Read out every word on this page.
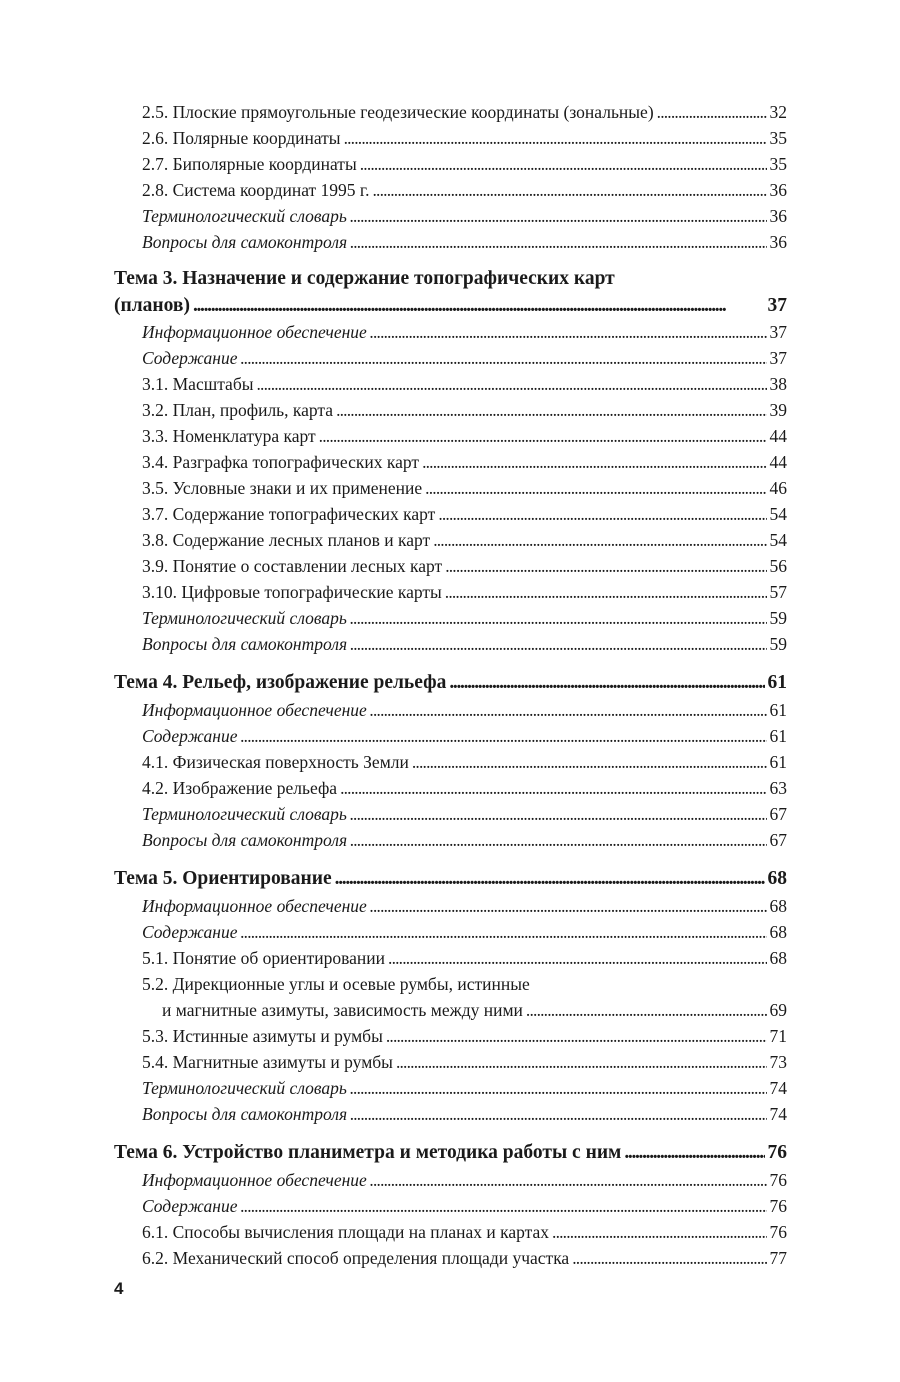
2.5. Плоские прямоугольные геодезические координаты (зональные) . . .	32
2.6. Полярные координаты . . .	35
2.7. Биполярные координаты . . .	35
2.8. Система координат 1995 г. . . .	36
Терминологический словарь . . .	36
Вопросы для самоконтроля . . .	36
Тема 3. Назначение и содержание топографических карт
(планов) . . .	37
Информационное обеспечение . . .	37
Содержание . . .	37
3.1. Масштабы . . .	38
3.2. План, профиль, карта . . .	39
3.3. Номенклатура карт . . .	44
3.4. Разграфка топографических карт . . .	44
3.5. Условные знаки и их применение . . .	46
3.7. Содержание топографических карт . . .	54
3.8. Содержание лесных планов и карт . . .	54
3.9. Понятие о составлении лесных карт . . .	56
3.10. Цифровые топографические карты . . .	57
Терминологический словарь . . .	59
Вопросы для самоконтроля . . .	59
Тема 4. Рельеф, изображение рельефа . . .	61
Информационное обеспечение . . .	61
Содержание . . .	61
4.1. Физическая поверхность Земли . . .	61
4.2. Изображение рельефа . . .	63
Терминологический словарь . . .	67
Вопросы для самоконтроля . . .	67
Тема 5. Ориентирование . . .	68
Информационное обеспечение . . .	68
Содержание . . .	68
5.1. Понятие об ориентировании . . .	68
5.2. Дирекционные углы и осевые румбы, истинные
и магнитные азимуты, зависимость между ними . . .	69
5.3. Истинные азимуты и румбы . . .	71
5.4. Магнитные азимуты и румбы . . .	73
Терминологический словарь . . .	74
Вопросы для самоконтроля . . .	74
Тема 6. Устройство планиметра и методика работы с ним . . .	76
Информационное обеспечение . . .	76
Содержание . . .	76
6.1. Способы вычисления площади на планах и картах . . .	76
6.2. Механический способ определения площади участка . . .	77
4
